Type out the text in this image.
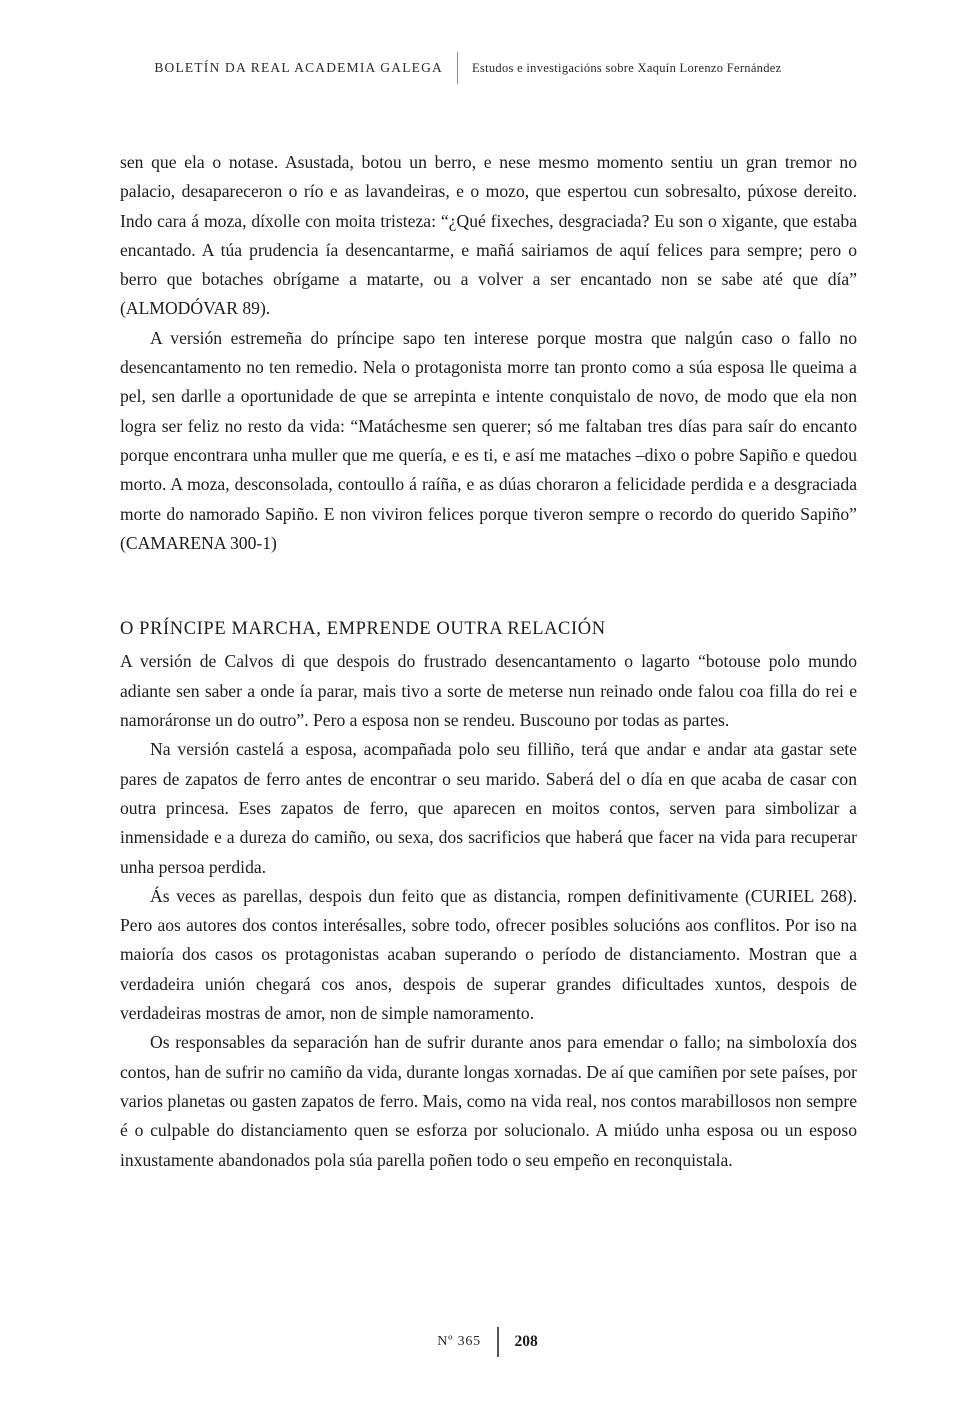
BOLETÍN DA REAL ACADEMIA GALEGA	Estudos e investigacións sobre Xaquín Lorenzo Fernández

sen que ela o notase. Asustada, botou un berro, e nese mesmo momento sentiu un gran tremor no palacio, desapareceron o río e as lavandeiras, e o mozo, que espertou cun sobresalto, púxose dereito. Indo cara á moza, díxolle con moita tristeza: “¿Qué fixeches, desgraciada? Eu son o xigante, que estaba encantado. A túa prudencia ía desencantarme, e mañá sairiamos de aquí felices para sempre; pero o berro que botaches obrígame a matarte, ou a volver a ser encantado non se sabe até que día” (ALMODÓVAR 89).

A versión estremeña do príncipe sapo ten interese porque mostra que nalgún caso o fallo no desencantamento no ten remedio. Nela o protagonista morre tan pronto como a súa esposa lle queima a pel, sen darlle a oportunidade de que se arrepinta e intente conquistalo de novo, de modo que ela non logra ser feliz no resto da vida: “Matáchesme sen querer; só me faltaban tres días para saír do encanto porque encontrara unha muller que me quería, e es ti, e así me mataches –dixo o pobre Sapiño e quedou morto. A moza, desconsolada, contoullo á raíña, e as dúas choraron a felicidade perdida e a desgraciada morte do namorado Sapiño. E non viviron felices porque tiveron sempre o recordo do querido Sapiño” (CAMARENA 300-1)

O PRÍNCIPE MARCHA, EMPRENDE OUTRA RELACIÓN

A versión de Calvos di que despois do frustrado desencantamento o lagarto “botouse polo mundo adiante sen saber a onde ía parar, mais tivo a sorte de meterse nun reinado onde falou coa filla do rei e namoráronse un do outro”. Pero a esposa non se rendeu. Buscouno por todas as partes.

Na versión castelá a esposa, acompañada polo seu filliño, terá que andar e andar ata gastar sete pares de zapatos de ferro antes de encontrar o seu marido. Saberá del o día en que acaba de casar con outra princesa. Eses zapatos de ferro, que aparecen en moitos contos, serven para simbolizar a inmensidade e a dureza do camiño, ou sexa, dos sacrificios que haberá que facer na vida para recuperar unha persoa perdida.

Ás veces as parellas, despois dun feito que as distancia, rompen definitivamente (CURIEL 268). Pero aos autores dos contos interésalles, sobre todo, ofrecer posibles solucións aos conflitos. Por iso na maioría dos casos os protagonistas acaban superando o período de distanciamento. Mostran que a verdadeira unión chegará cos anos, despois de superar grandes dificultades xuntos, despois de verdadeiras mostras de amor, non de simple namoramento.

Os responsables da separación han de sufrir durante anos para emendar o fallo; na simboloxía dos contos, han de sufrir no camiño da vida, durante longas xornadas. De aí que camiñen por sete países, por varios planetas ou gasten zapatos de ferro. Mais, como na vida real, nos contos marabillosos non sempre é o culpable do distanciamento quen se esforza por solucionalo. A miúdo unha esposa ou un esposo inxustamente abandonados pola súa parella poñen todo o seu empeño en reconquistala.

Nº 365	208
